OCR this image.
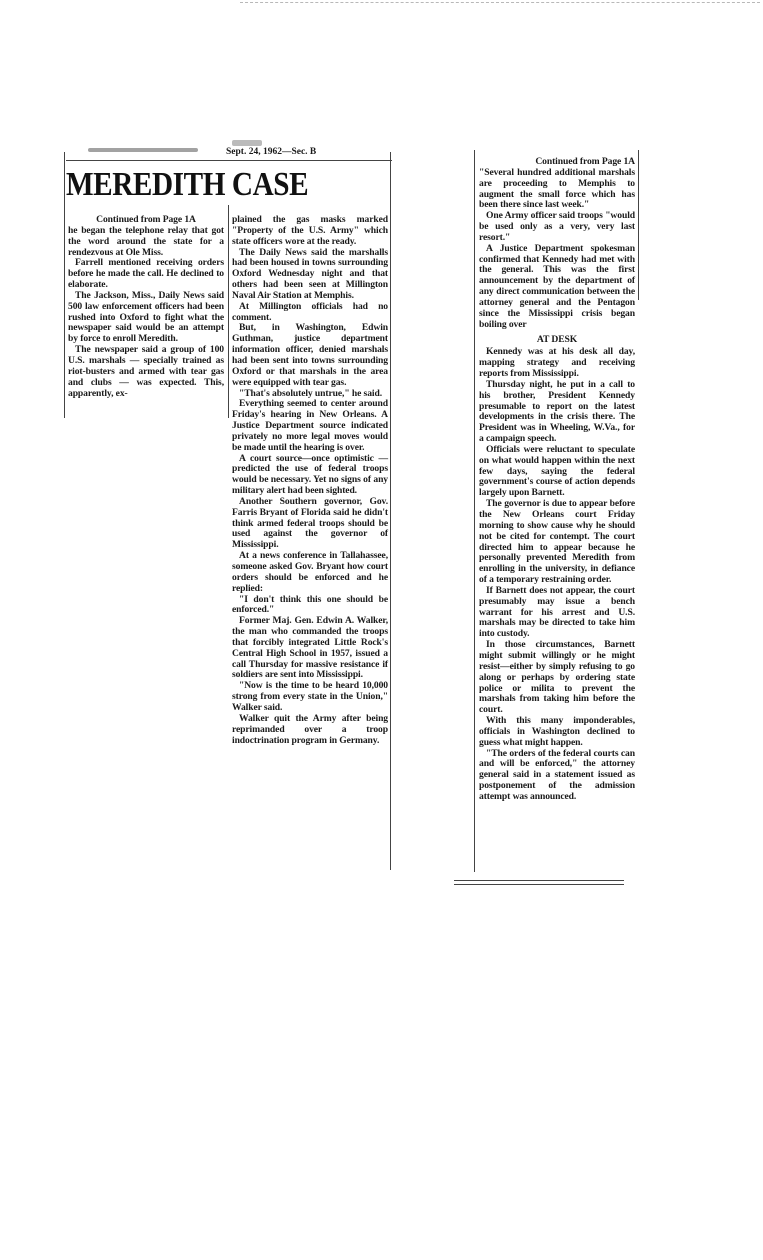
Sept. 24, 1962—Sec. B
MEREDITH CASE

Continued from Page 1A

he began the telephone relay that got the word around the state for a rendezvous at Ole Miss.

Farrell mentioned receiving orders before he made the call. He declined to elaborate.

The Jackson, Miss., Daily News said 500 law enforcement officers had been rushed into Oxford to fight what the newspaper said would be an attempt by force to enroll Meredith.

The newspaper said a group of 100 U.S. marshals — specially trained as riot-busters and armed with tear gas and clubs — was expected. This, apparently, ex-

plained the gas masks marked "Property of the U.S. Army" which state officers wore at the ready.

The Daily News said the marshalls had been housed in towns surrounding Oxford Wednesday night and that others had been seen at Millington Naval Air Station at Memphis.

At Millington officials had no comment.

But, in Washington, Edwin Guthman, justice department information officer, denied marshals had been sent into towns surrounding Oxford or that marshals in the area were equipped with tear gas.

"That's absolutely untrue," he said.

Everything seemed to center around Friday's hearing in New Orleans. A Justice Department source indicated privately no more legal moves would be made until the hearing is over.

A court source—once optimistic —predicted the use of federal troops would be necessary. Yet no signs of any military alert had been sighted.

Another Southern governor, Gov. Farris Bryant of Florida said he didn't think armed federal troops should be used against the governor of Mississippi.

At a news conference in Tallahassee, someone asked Gov. Bryant how court orders should be enforced and he replied:

"I don't think this one should be enforced."

Former Maj. Gen. Edwin A. Walker, the man who commanded the troops that forcibly integrated Little Rock's Central High School in 1957, issued a call Thursday for massive resistance if soldiers are sent into Mississippi.

"Now is the time to be heard 10,000 strong from every state in the Union," Walker said.

Walker quit the Army after being reprimanded over a troop indoctrination program in Germany.

Continued from Page 1A

"Several hundred additional marshals are proceeding to Memphis to augment the small force which has been there since last week."

One Army officer said troops "would be used only as a very, very last resort."

A Justice Department spokesman confirmed that Kennedy had met with the general. This was the first announcement by the department of any direct communication between the attorney general and the Pentagon since the Mississippi crisis began boiling over

AT DESK

Kennedy was at his desk all day, mapping strategy and receiving reports from Mississippi.

Thursday night, he put in a call to his brother, President Kennedy presumable to report on the latest developments in the crisis there. The President was in Wheeling, W.Va., for a campaign speech.

Officials were reluctant to speculate on what would happen within the next few days, saying the federal government's course of action depends largely upon Barnett.

The governor is due to appear before the New Orleans court Friday morning to show cause why he should not be cited for contempt. The court directed him to appear because he personally prevented Meredith from enrolling in the university, in defiance of a temporary restraining order.

If Barnett does not appear, the court presumably may issue a bench warrant for his arrest and U.S. marshals may be directed to take him into custody.

In those circumstances, Barnett might submit willingly or he might resist—either by simply refusing to go along or perhaps by ordering state police or milita to prevent the marshals from taking him before the court.

With this many imponderables, officials in Washington declined to guess what might happen.

"The orders of the federal courts can and will be enforced," the attorney general said in a statement issued as postponement of the admission attempt was announced.
